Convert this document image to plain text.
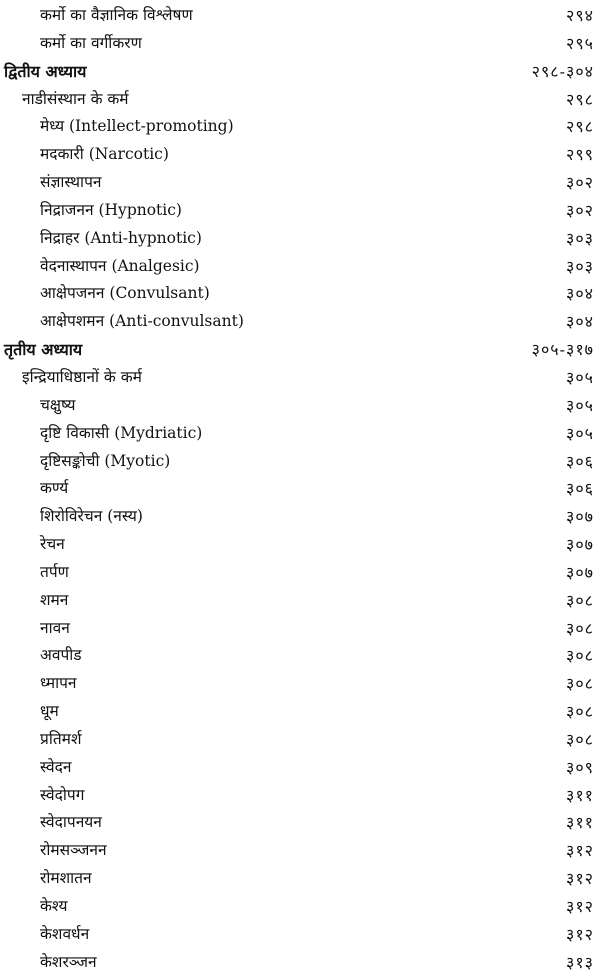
कर्मो का वैज्ञानिक विश्लेषण	२९४
कर्मो का वर्गीकरण	२९५
द्वितीय अध्याय	२९८-३०४
नाडीसंस्थान के कर्म	२९८
मेध्य (Intellect-promoting)	२९८
मदकारी (Narcotic)	२९९
संज्ञास्थापन	३०२
निद्राजनन (Hypnotic)	३०२
निद्राहर (Anti-hypnotic)	३०३
वेदनास्थापन (Analgesic)	३०३
आक्षेपजनन (Convulsant)	३०४
आक्षेपशमन (Anti-convulsant)	३०४
तृतीय अध्याय	३०५-३१७
इन्द्रियाधिष्ठानों के कर्म	३०५
चक्षुष्य	३०५
दृष्टि विकासी (Mydriatic)	३०५
दृष्टिसङ्कोची (Myotic)	३०६
कर्ण्य	३०६
शिरोविरेचन (नस्य)	३०७
रेचन	३०७
तर्पण	३०७
शमन	३०८
नावन	३०८
अवपीड	३०८
ध्मापन	३०८
धूम	३०८
प्रतिमर्श	३०८
स्वेदन	३०९
स्वेदोपग	३११
स्वेदापनयन	३११
रोमसञ्जनन	३१२
रोमशातन	३१२
केश्य	३१२
केशवर्धन	३१२
केशरञ्जन	३१३
